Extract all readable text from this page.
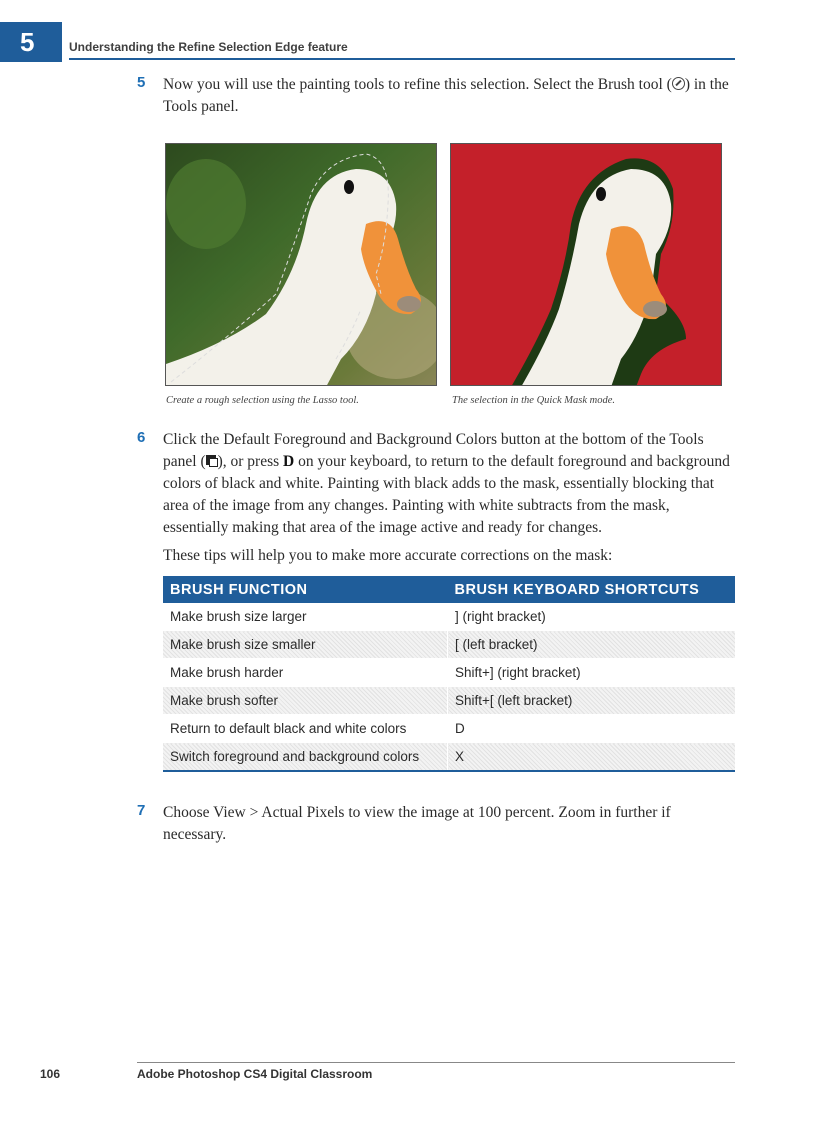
5	Understanding the Refine Selection Edge feature
5 Now you will use the painting tools to refine this selection. Select the Brush tool ( ) in the Tools panel.
Create a rough selection using the Lasso tool.	The selection in the Quick Mask mode.
6 Click the Default Foreground and Background Colors button at the bottom of the Tools panel ( ), or press D on your keyboard, to return to the default foreground and background colors of black and white. Painting with black adds to the mask, essentially blocking that area of the image from any changes. Painting with white subtracts from the mask, essentially making that area of the image active and ready for changes.
These tips will help you to make more accurate corrections on the mask:
BRUSH FUNCTION	BRUSH KEYBOARD SHORTCUTS
Make brush size larger	] (right bracket)
Make brush size smaller	[ (left bracket)
Make brush harder	Shift+] (right bracket)
Make brush softer	Shift+[ (left bracket)
Return to default black and white colors	D
Switch foreground and background colors	X
7 Choose View > Actual Pixels to view the image at 100 percent. Zoom in further if necessary.
106	Adobe Photoshop CS4 Digital Classroom
